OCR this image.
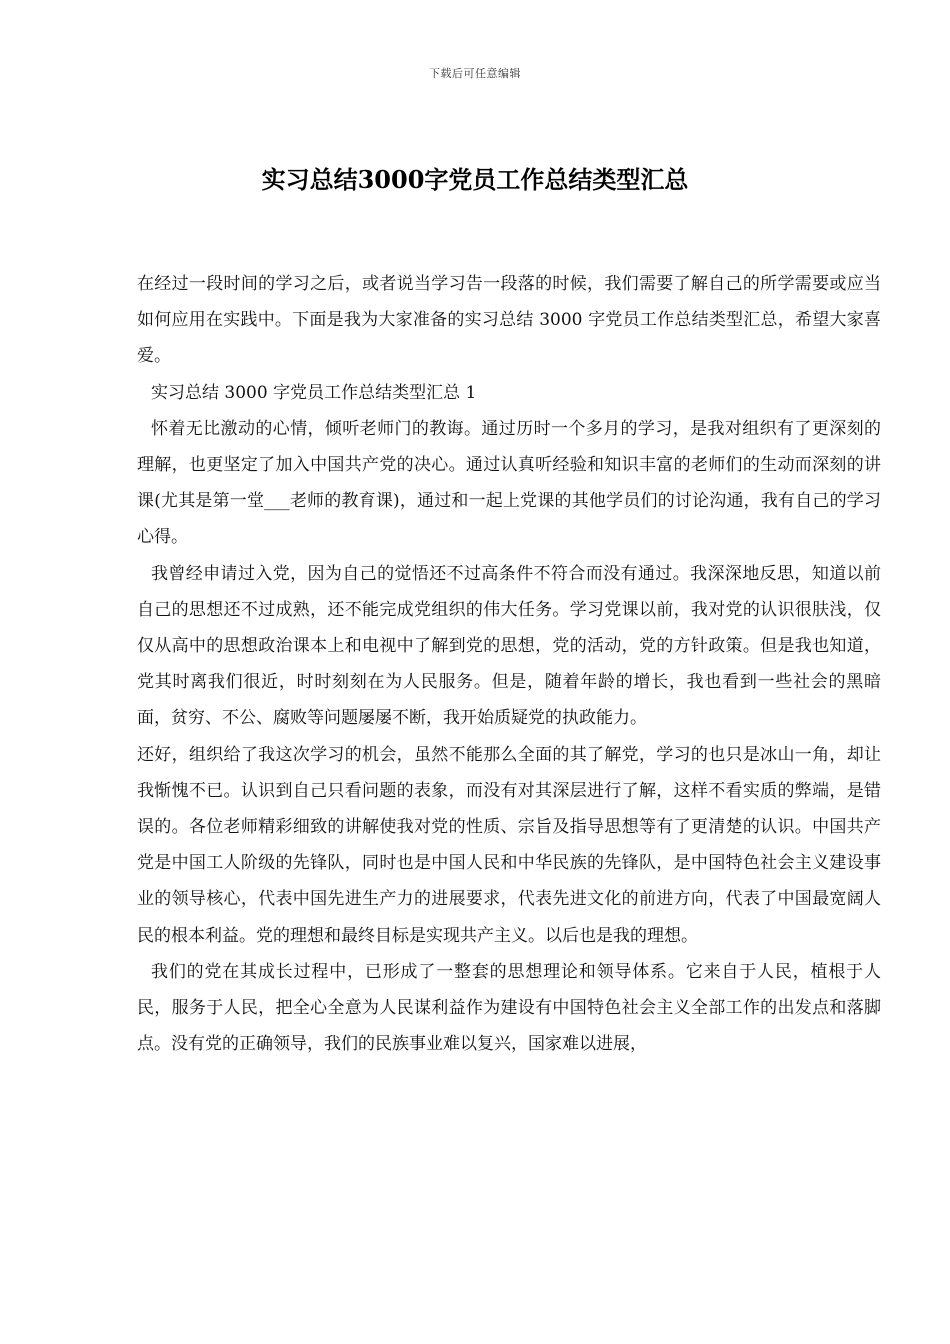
下载后可任意编辑
实习总结3000字党员工作总结类型汇总

在经过一段时间的学习之后，或者说当学习告一段落的时候，我们需要了解自己的所学需要或应当如何应用在实践中。下面是我为大家准备的实习总结 3000 字党员工作总结类型汇总，希望大家喜爱。

实习总结 3000 字党员工作总结类型汇总 1

怀着无比激动的心情，倾听老师门的教诲。通过历时一个多月的学习，是我对组织有了更深刻的理解，也更坚定了加入中国共产党的决心。通过认真听经验和知识丰富的老师们的生动而深刻的讲课(尤其是第一堂___老师的教育课)，通过和一起上党课的其他学员们的讨论沟通，我有自己的学习心得。

我曾经申请过入党，因为自己的觉悟还不过高条件不符合而没有通过。我深深地反思，知道以前自己的思想还不过成熟，还不能完成党组织的伟大任务。学习党课以前，我对党的认识很肤浅，仅仅从高中的思想政治课本上和电视中了解到党的思想，党的活动，党的方针政策。但是我也知道，党其时离我们很近，时时刻刻在为人民服务。但是，随着年龄的增长，我也看到一些社会的黑暗面，贫穷、不公、腐败等问题屡屡不断，我开始质疑党的执政能力。

还好，组织给了我这次学习的机会，虽然不能那么全面的其了解党，学习的也只是冰山一角，却让我惭愧不已。认识到自己只看问题的表象，而没有对其深层进行了解，这样不看实质的弊端，是错误的。各位老师精彩细致的讲解使我对党的性质、宗旨及指导思想等有了更清楚的认识。中国共产党是中国工人阶级的先锋队，同时也是中国人民和中华民族的先锋队，是中国特色社会主义建设事业的领导核心，代表中国先进生产力的进展要求，代表先进文化的前进方向，代表了中国最宽阔人民的根本利益。党的理想和最终目标是实现共产主义。以后也是我的理想。

我们的党在其成长过程中，已形成了一整套的思想理论和领导体系。它来自于人民，植根于人民，服务于人民，把全心全意为人民谋利益作为建设有中国特色社会主义全部工作的出发点和落脚点。没有党的正确领导，我们的民族事业难以复兴，国家难以进展，
